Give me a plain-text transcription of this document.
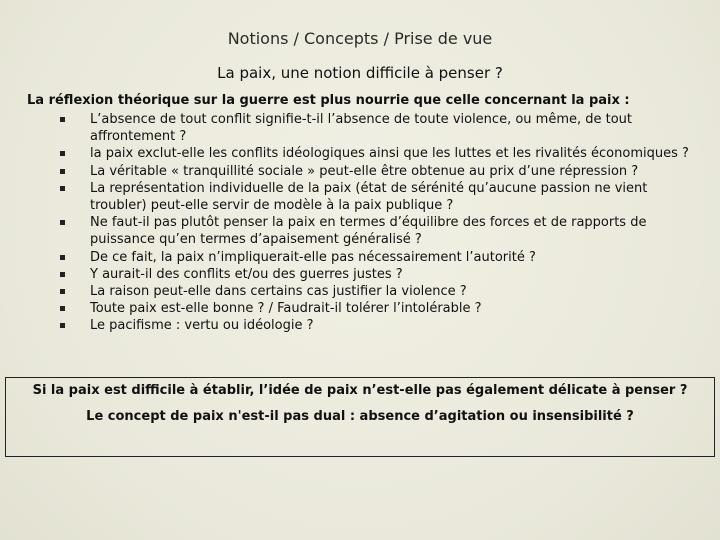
Notions / Concepts / Prise de vue
La paix, une notion difficile à penser ?
La réflexion théorique sur la guerre est plus nourrie que celle concernant la paix :
L’absence de tout conflit signifie-t-il l’absence de toute violence, ou même, de tout affrontement ?
la paix exclut-elle les conflits idéologiques ainsi que les luttes et les rivalités économiques ?
La véritable « tranquillité sociale » peut-elle être obtenue au prix d’une répression ?
La représentation individuelle de la paix (état de sérénité qu’aucune passion ne vient troubler) peut-elle servir de modèle à la paix publique ?
Ne faut-il pas plutôt penser la paix en termes d’équilibre des forces et de rapports de puissance qu’en termes d’apaisement généralisé ?
De ce fait, la paix n’impliquerait-elle pas nécessairement l’autorité ?
Y aurait-il des conflits et/ou des guerres justes ?
La raison peut-elle dans certains cas justifier la violence ?
Toute paix est-elle bonne ? / Faudrait-il tolérer l’intolérable ?
Le pacifisme : vertu ou idéologie ?
Si la paix est difficile à établir, l’idée de paix n’est-elle pas également délicate à penser ?
Le concept de paix n'est-il pas dual : absence d’agitation ou insensibilité ?
